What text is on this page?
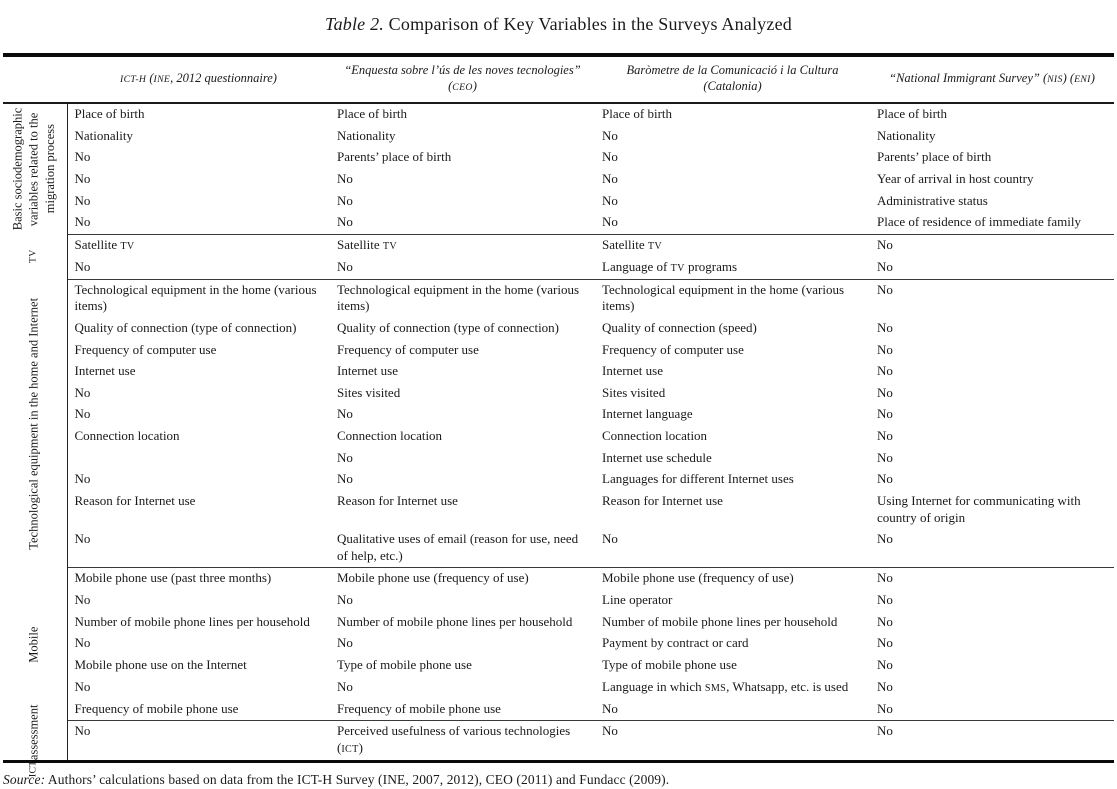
Table 2. Comparison of Key Variables in the Surveys Analyzed
	ICT-H (INE, 2012 questionnaire)	“Enquesta sobre l’ús de les noves tecnologies” (CEO)	Baròmetre de la Comunicació i la Cultura (Catalonia)	“National Immigrant Survey” (NIS) (ENI)

Basic sociodemographic variables related to the migration process	Place of birth	Place of birth	Place of birth	Place of birth
	Nationality	Nationality	No	Nationality
	No	Parents’ place of birth	No	Parents’ place of birth
	No	No	No	Year of arrival in host country
	No	No	No	Administrative status
	No	No	No	Place of residence of immediate family

TV	Satellite TV	Satellite TV	Satellite TV	No
	No	No	Language of TV programs	No

Technological equipment in the home and Internet	Technological equipment in the home (various items)	Technological equipment in the home (various items)	Technological equipment in the home (various items)	No
	Quality of connection (type of connection)	Quality of connection (type of connection)	Quality of connection (speed)	No
	Frequency of computer use	Frequency of computer use	Frequency of computer use	No
	Internet use	Internet use	Internet use	No
	No	Sites visited	Sites visited	No
	No	No	Internet language	No
	Connection location	Connection location	Connection location	No
		No	Internet use schedule	No
	No	No	Languages for different Internet uses	No
	Reason for Internet use	Reason for Internet use	Reason for Internet use	Using Internet for communicating with country of origin
	No	Qualitative uses of email (reason for use, need of help, etc.)	No	No

Mobile	Mobile phone use (past three months)	Mobile phone use (frequency of use)	Mobile phone use (frequency of use)	No
	No	No	Line operator	No
	Number of mobile phone lines per household	Number of mobile phone lines per household	Number of mobile phone lines per household	No
	No	No	Payment by contract or card	No
	Mobile phone use on the Internet	Type of mobile phone use	Type of mobile phone use	No
	No	No	Language in which SMS, Whatsapp, etc. is used	No
	Frequency of mobile phone use	Frequency of mobile phone use	No	No

ICT
assessment	No	Perceived usefulness of various technologies (ICT)	No	No
Source: Authors’ calculations based on data from the ICT-H Survey (INE, 2007, 2012), CEO (2011) and Fundacc (2009).
